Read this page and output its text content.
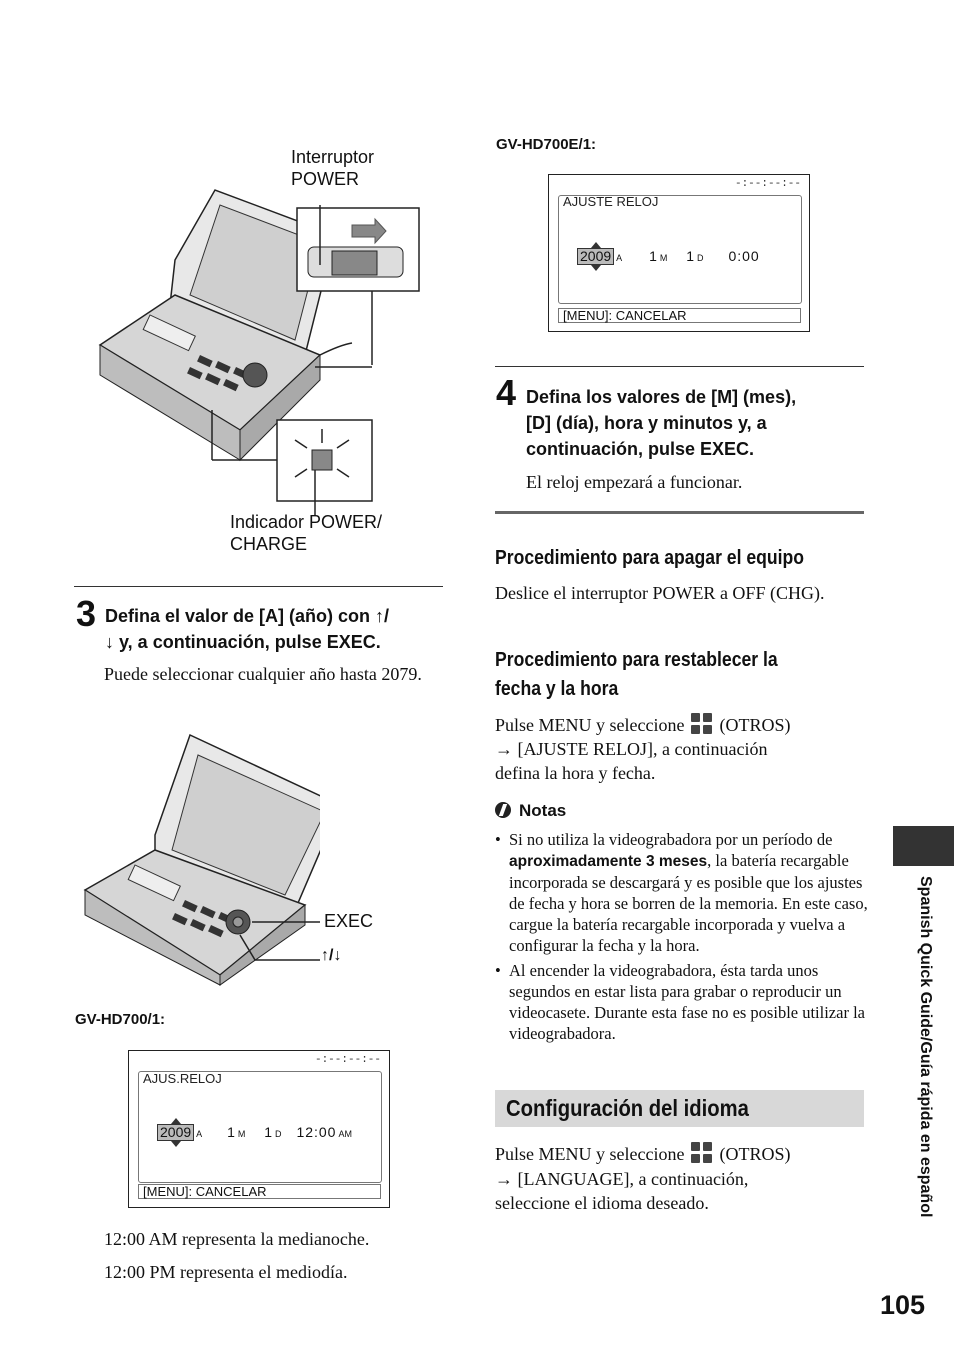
Interruptor
POWER
Indicador POWER/
CHARGE
3 Defina el valor de [A] (año) con ↑/
↓ y, a continuación, pulse EXEC.
Puede seleccionar cualquier año hasta 2079.
EXEC
↑/↓
GV-HD700/1:
-:--:--:--
AJUS.RELOJ
2009 A 1 M 1 D 12:00 AM
[MENU]: CANCELAR
12:00 AM representa la medianoche.
12:00 PM representa el mediodía.
GV-HD700E/1:
-:--:--:--
AJUSTE RELOJ
2009 A 1 M 1 D 0:00
[MENU]: CANCELAR
4 Defina los valores de [M] (mes),
[D] (día), hora y minutos y, a
continuación, pulse EXEC.
El reloj empezará a funcionar.
Procedimiento para apagar el equipo
Deslice el interruptor POWER a OFF (CHG).
Procedimiento para restablecer la
fecha y la hora
Pulse MENU y seleccione (OTROS)
→ [AJUSTE RELOJ], a continuación
defina la hora y fecha.
Notas
• Si no utiliza la videograbadora por un período de aproximadamente 3 meses, la batería recargable incorporada se descargará y es posible que los ajustes de fecha y hora se borren de la memoria. En este caso, cargue la batería recargable incorporada y vuelva a configurar la fecha y la hora.
• Al encender la videograbadora, ésta tarda unos segundos en estar lista para grabar o reproducir un videocasete. Durante esta fase no es posible utilizar la videograbadora.
Configuración del idioma
Pulse MENU y seleccione (OTROS)
→ [LANGUAGE], a continuación,
seleccione el idioma deseado.	Spanish Quick Guide/Guía rápida en español
105
